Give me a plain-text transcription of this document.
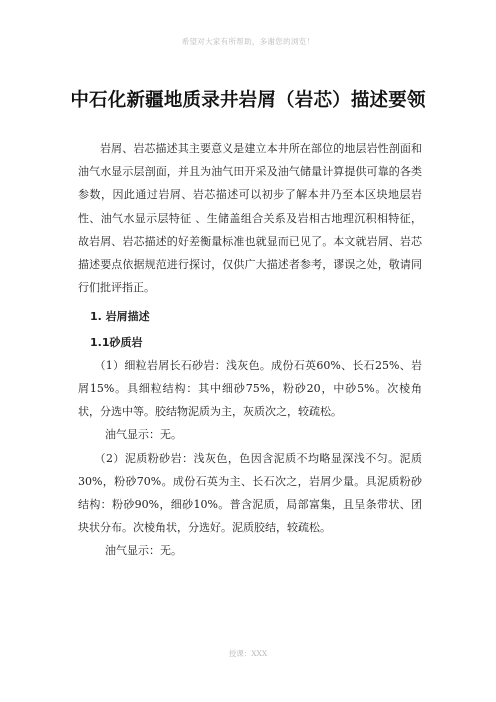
希望对大家有所帮助，多谢您的浏览！
中石化新疆地质录井岩屑（岩芯）描述要领

岩屑、岩芯描述其主要意义是建立本井所在部位的地层岩性剖面和油气水显示层剖面，并且为油气田开采及油气储量计算提供可靠的各类参数，因此通过岩屑、岩芯描述可以初步了解本井乃至本区块地层岩性、油气水显示层特征 、生储盖组合关系及岩相古地理沉积相特征，故岩屑、岩芯描述的好差衡量标准也就显而已见了。本文就岩屑、岩芯描述要点依据规范进行探讨，仅供广大描述者参考，谬误之处，敬请同行们批评指正。

1. 岩屑描述

1.1砂质岩

（1）细粒岩屑长石砂岩：浅灰色。成份石英60%、长石25%、岩屑15%。具细粒结构：其中细砂75%，粉砂20，中砂5%。次棱角状，分选中等。胶结物泥质为主，灰质次之，较疏松。

油气显示：无。

（2）泥质粉砂岩：浅灰色，色因含泥质不均略显深浅不匀。泥质30%，粉砂70%。成份石英为主、长石次之，岩屑少量。具泥质粉砂结构：粉砂90%，细砂10%。普含泥质，局部富集，且呈条带状、团块状分布。次棱角状，分选好。泥质胶结，较疏松。

油气显示：无。

授课：XXX
